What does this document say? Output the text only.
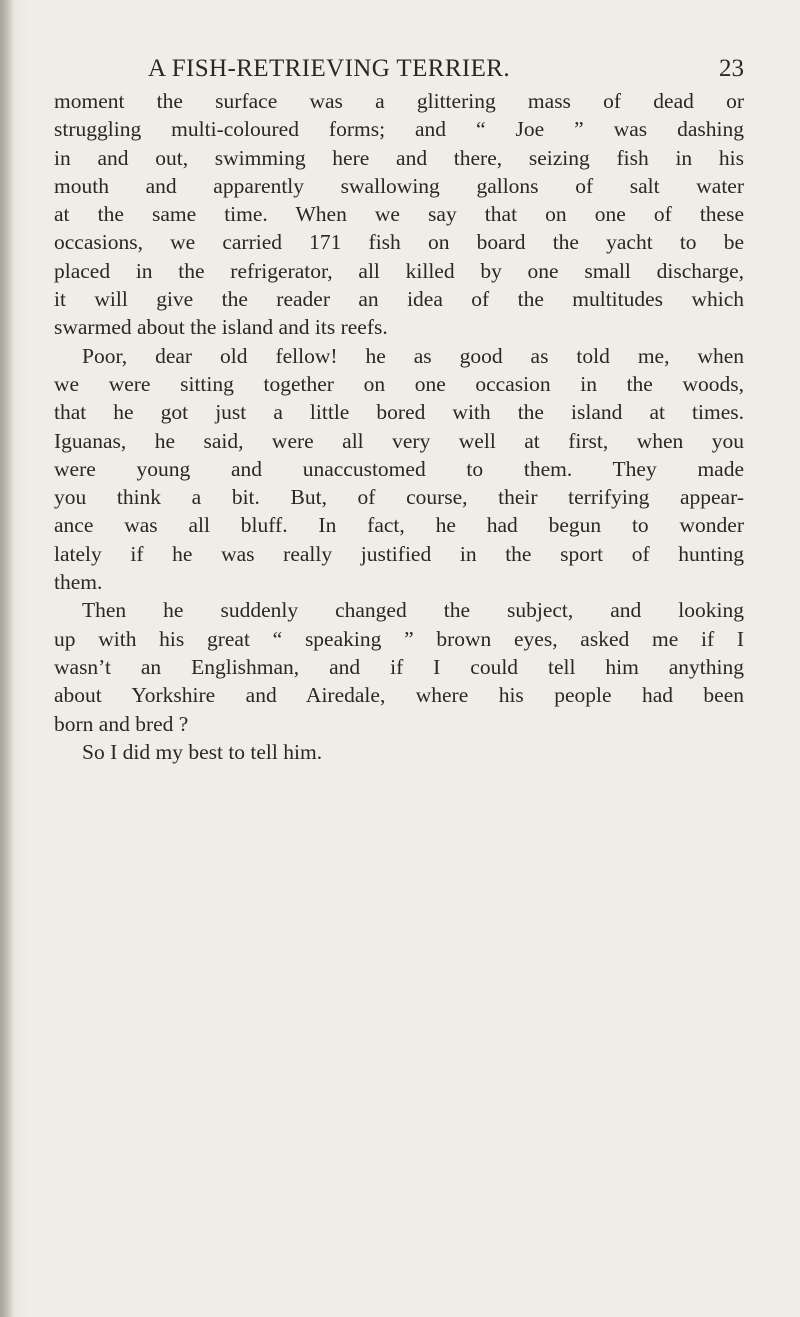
A FISH-RETRIEVING TERRIER.	23
moment the surface was a glittering mass of dead or
struggling multi-coloured forms; and “ Joe ” was dashing
in and out, swimming here and there, seizing fish in his
mouth and apparently swallowing gallons of salt water
at the same time. When we say that on one of these
occasions, we carried 171 fish on board the yacht to be
placed in the refrigerator, all killed by one small discharge,
it will give the reader an idea of the multitudes which
swarmed about the island and its reefs.
Poor, dear old fellow! he as good as told me, when
we were sitting together on one occasion in the woods,
that he got just a little bored with the island at times.
Iguanas, he said, were all very well at first, when you
were young and unaccustomed to them. They made
you think a bit. But, of course, their terrifying appear-
ance was all bluff. In fact, he had begun to wonder
lately if he was really justified in the sport of hunting
them.
Then he suddenly changed the subject, and looking
up with his great “ speaking ” brown eyes, asked me if I
wasn’t an Englishman, and if I could tell him anything
about Yorkshire and Airedale, where his people had been
born and bred ?
So I did my best to tell him.
